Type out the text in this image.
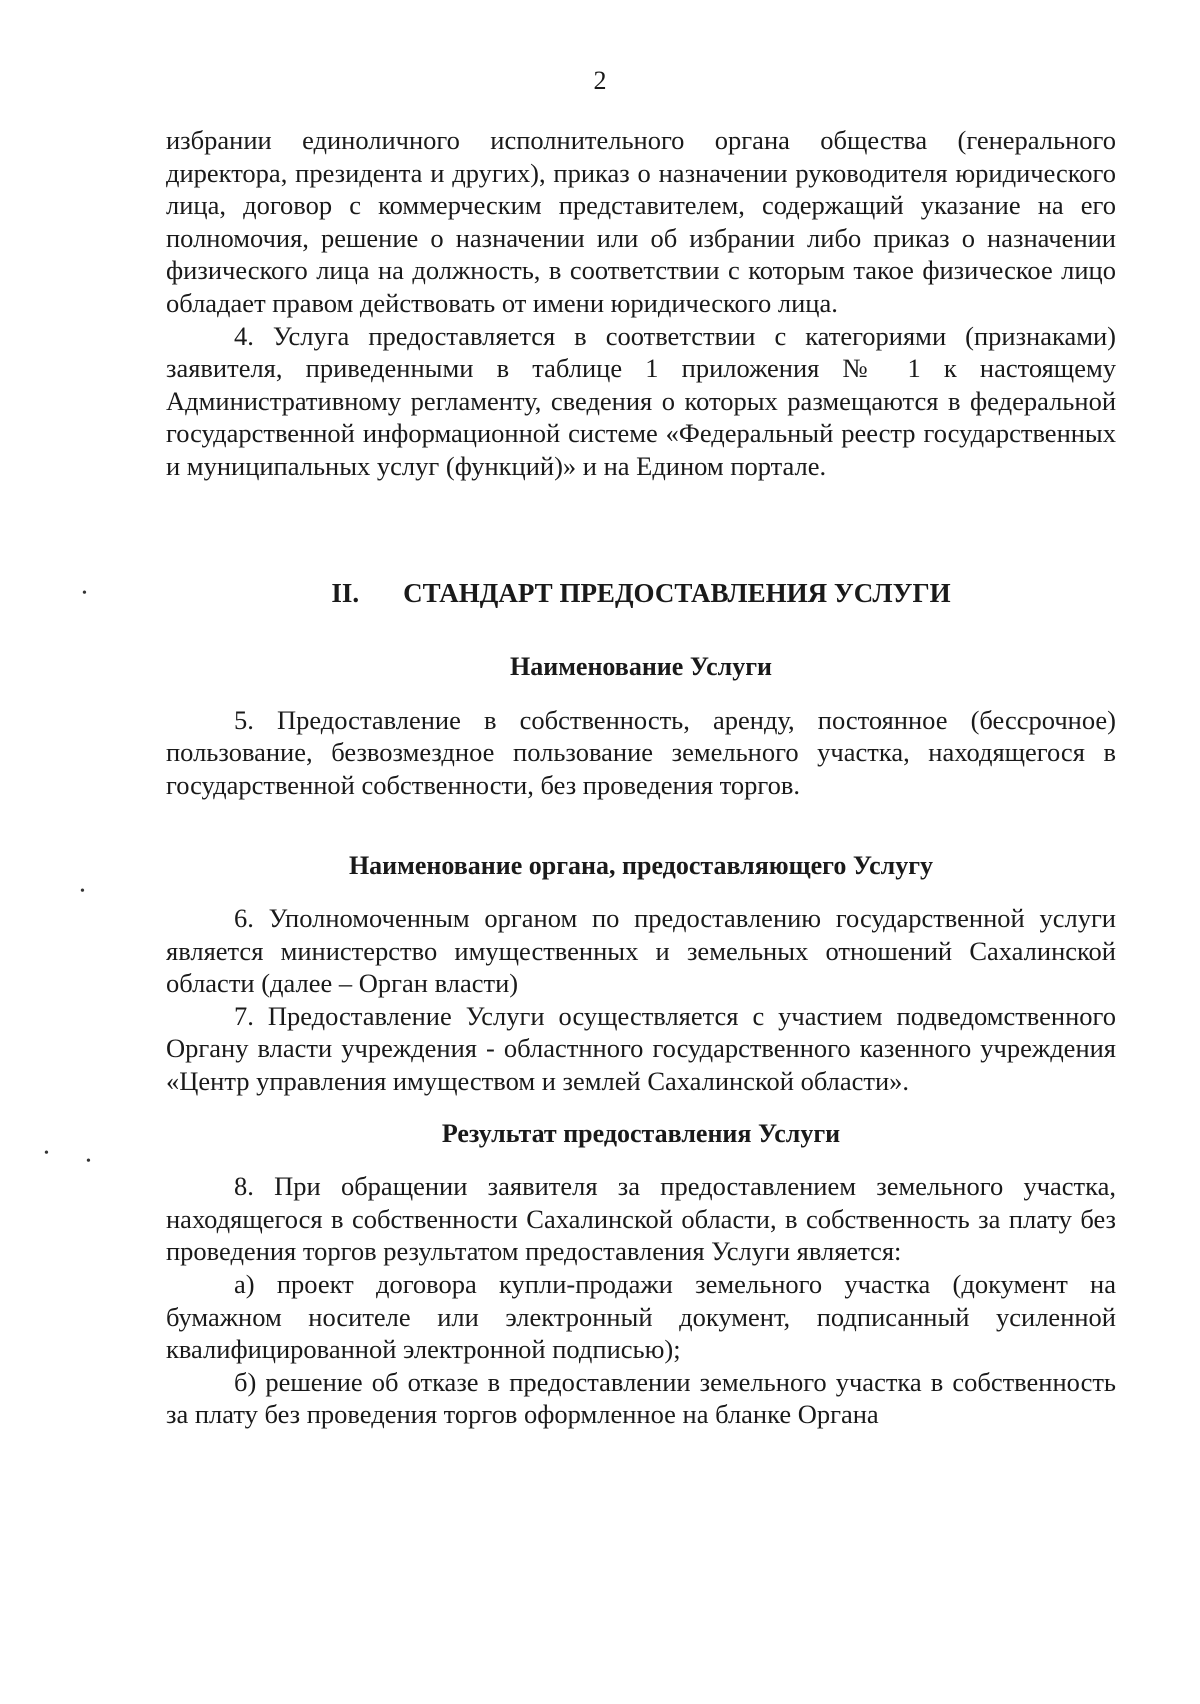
2

избрании единоличного исполнительного органа общества (генерального директора, президента и других), приказ о назначении руководителя юридического лица, договор с коммерческим представителем, содержащий указание на его полномочия, решение о назначении или об избрании либо приказ о назначении физического лица на должность, в соответствии с которым такое физическое лицо обладает правом действовать от имени юридического лица.

4. Услуга предоставляется в соответствии с категориями (признаками) заявителя, приведенными в таблице 1 приложения № 1 к настоящему Административному регламенту, сведения о которых размещаются в федеральной государственной информационной системе «Федеральный реестр государственных и муниципальных услуг (функций)» и на Едином портале.

II. СТАНДАРТ ПРЕДОСТАВЛЕНИЯ УСЛУГИ

Наименование Услуги

5. Предоставление в собственность, аренду, постоянное (бессрочное) пользование, безвозмездное пользование земельного участка, находящегося в государственной собственности, без проведения торгов.

Наименование органа, предоставляющего Услугу

6. Уполномоченным органом по предоставлению государственной услуги является министерство имущественных и земельных отношений Сахалинской области (далее – Орган власти)

7. Предоставление Услуги осуществляется с участием подведомственного Органу власти учреждения - областнного государственного казенного учреждения «Центр управления имуществом и землей Сахалинской области».

Результат предоставления Услуги

8. При обращении заявителя за предоставлением земельного участка, находящегося в собственности Сахалинской области, в собственность за плату без проведения торгов результатом предоставления Услуги является:

а) проект договора купли-продажи земельного участка (документ на бумажном носителе или электронный документ, подписанный усиленной квалифицированной электронной подписью);

б) решение об отказе в предоставлении земельного участка в собственность за плату без проведения торгов оформленное на бланке Органа

•
•
•
•
